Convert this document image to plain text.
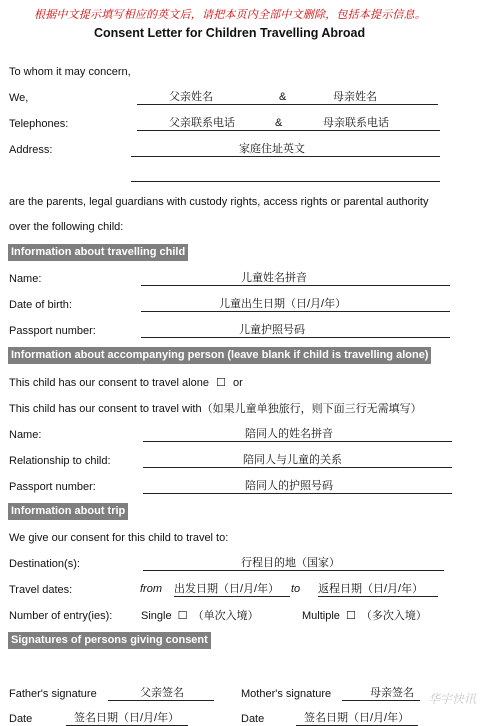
根据中文提示填写相应的英文后，请把本页内全部中文删除，包括本提示信息。
Consent Letter for Children Travelling Abroad
To whom it may concern,
We,	父亲姓名	&	母亲姓名
Telephones:	父亲联系电话	&	母亲联系电话
Address:	家庭住址英文
are the parents, legal guardians with custody rights, access rights or parental authority
over the following child:
Information about travelling child
Name:	儿童姓名拼音
Date of birth:	儿童出生日期（日/月/年）
Passport number:	儿童护照号码
Information about accompanying person (leave blank if child is travelling alone)
This child has our consent to travel alone ☐ or
This child has our consent to travel with（如果儿童单独旅行，则下面三行无需填写）
Name:	陪同人的姓名拼音
Relationship to child:	陪同人与儿童的关系
Passport number:	陪同人的护照号码
Information about trip
We give our consent for this child to travel to:
Destination(s):	行程目的地（国家）
Travel dates:	from 出发日期（日/月/年）	to 返程日期（日/月/年）
Number of entry(ies):	Single ☐ （单次入境）	Multiple ☐ （多次入境）
Signatures of persons giving consent
Father's signature	父亲签名	Mother's signature	母亲签名
Date	签名日期（日/月/年）	Date	签名日期（日/月/年）
华宇快讯
